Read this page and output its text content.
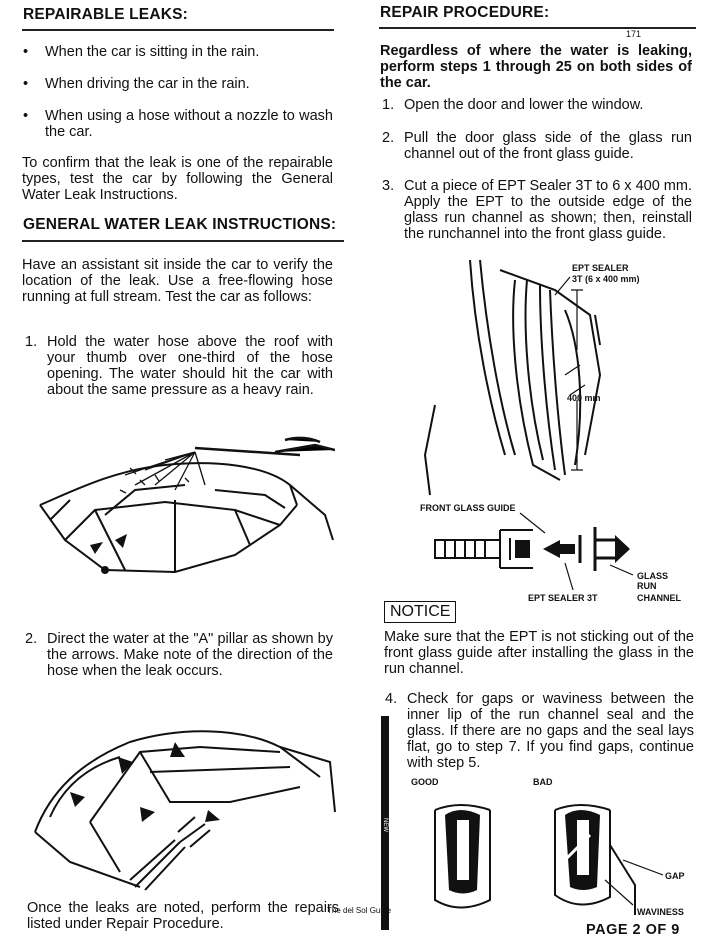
REPAIRABLE LEAKS:
• When the car is sitting in the rain.
• When driving the car in the rain.
• When using a hose without a nozzle to wash the car.
To confirm that the leak is one of the repairable types, test the car by following the General Water Leak Instructions.
GENERAL WATER LEAK INSTRUCTIONS:
Have an assistant sit inside the car to verify the location of the leak. Use a free-flowing hose running at full stream. Test the car as follows:
1. Hold the water hose above the roof with your thumb over one-third of the hose opening. The water should hit the car with about the same pressure as a heavy rain.
2. Direct the water at the "A" pillar as shown by the arrows. Make note of the direction of the hose when the leak occurs.
Once the leaks are noted, perform the repairs listed under Repair Procedure.
REPAIR PROCEDURE:
171
Regardless of where the water is leaking, perform steps 1 through 25 on both sides of the car.
1. Open the door and lower the window.
2. Pull the door glass side of the glass run channel out of the front glass guide.
3. Cut a piece of EPT Sealer 3T to 6 x 400 mm. Apply the EPT to the outside edge of the glass run channel as shown; then, reinstall the runchannel into the front glass guide.
EPT SEALER
3T (6 x 400 mm)
400 mm
FRONT GLASS GUIDE
GLASS
RUN
CHANNEL
EPT SEALER 3T
NOTICE
Make sure that the EPT is not sticking out of the front glass guide after installing the glass in the run channel.
4. Check for gaps or waviness between the inner lip of the run channel seal and the glass. If there are no gaps and the seal lays flat, go to step 7. If you find gaps, continue with step 5.
NEW
GOOD	BAD
GAP
WAVINESS
The del Sol Guide
PAGE 2 OF 9
